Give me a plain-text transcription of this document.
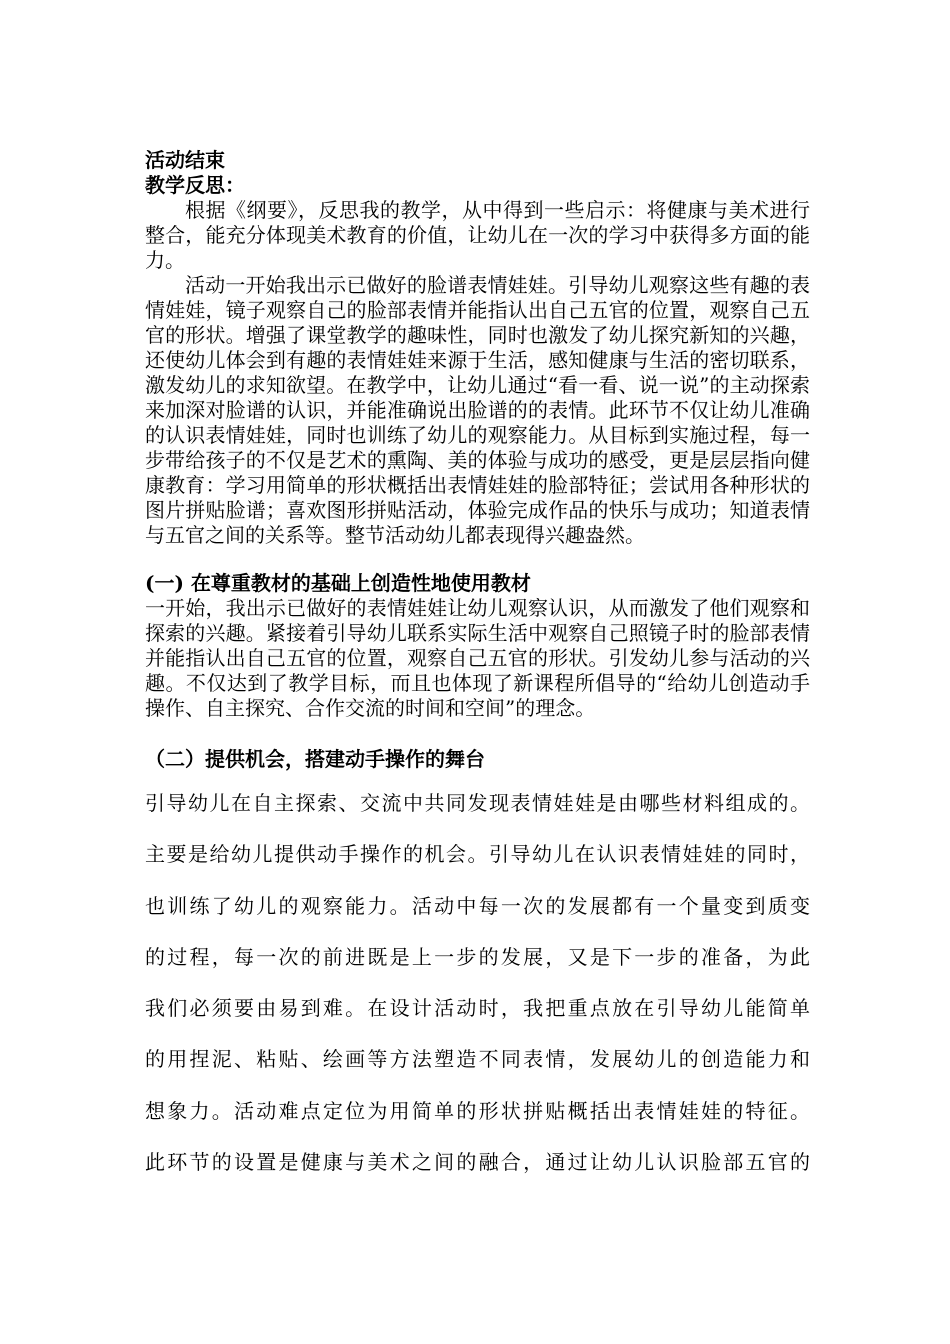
活动结束
教学反思：

根据《纲要》，反思我的教学，从中得到一些启示：将健康与美术进行整合，能充分体现美术教育的价值，让幼儿在一次的学习中获得多方面的能力。

活动一开始我出示已做好的脸谱表情娃娃。引导幼儿观察这些有趣的表情娃娃，镜子观察自己的脸部表情并能指认出自己五官的位置，观察自己五官的形状。增强了课堂教学的趣味性，同时也激发了幼儿探究新知的兴趣，还使幼儿体会到有趣的表情娃娃来源于生活，感知健康与生活的密切联系，激发幼儿的求知欲望。在教学中，让幼儿通过“看一看、说一说”的主动探索来加深对脸谱的认识，并能准确说出脸谱的的表情。此环节不仅让幼儿准确的认识表情娃娃，同时也训练了幼儿的观察能力。从目标到实施过程，每一步带给孩子的不仅是艺术的熏陶、美的体验与成功的感受，更是层层指向健康教育：学习用简单的形状概括出表情娃娃的脸部特征；尝试用各种形状的图片拼贴脸谱；喜欢图形拼贴活动，体验完成作品的快乐与成功；知道表情与五官之间的关系等。整节活动幼儿都表现得兴趣盎然。

(一) 在尊重教材的基础上创造性地使用教材

一开始，我出示已做好的表情娃娃让幼儿观察认识，从而激发了他们观察和探索的兴趣。紧接着引导幼儿联系实际生活中观察自己照镜子时的脸部表情并能指认出自己五官的位置，观察自己五官的形状。引发幼儿参与活动的兴趣。不仅达到了教学目标，而且也体现了新课程所倡导的“给幼儿创造动手操作、自主探究、合作交流的时间和空间”的理念。

（二）提供机会，搭建动手操作的舞台
引导幼儿在自主探索、交流中共同发现表情娃娃是由哪些材料组成的。
主要是给幼儿提供动手操作的机会。引导幼儿在认识表情娃娃的同时，
也训练了幼儿的观察能力。活动中每一次的发展都有一个量变到质变
的过程，每一次的前进既是上一步的发展，又是下一步的准备，为此
我们必须要由易到难。在设计活动时，我把重点放在引导幼儿能简单
的用捏泥、粘贴、绘画等方法塑造不同表情，发展幼儿的创造能力和
想象力。活动难点定位为用简单的形状拼贴概括出表情娃娃的特征。
此环节的设置是健康与美术之间的融合，通过让幼儿认识脸部五官的
